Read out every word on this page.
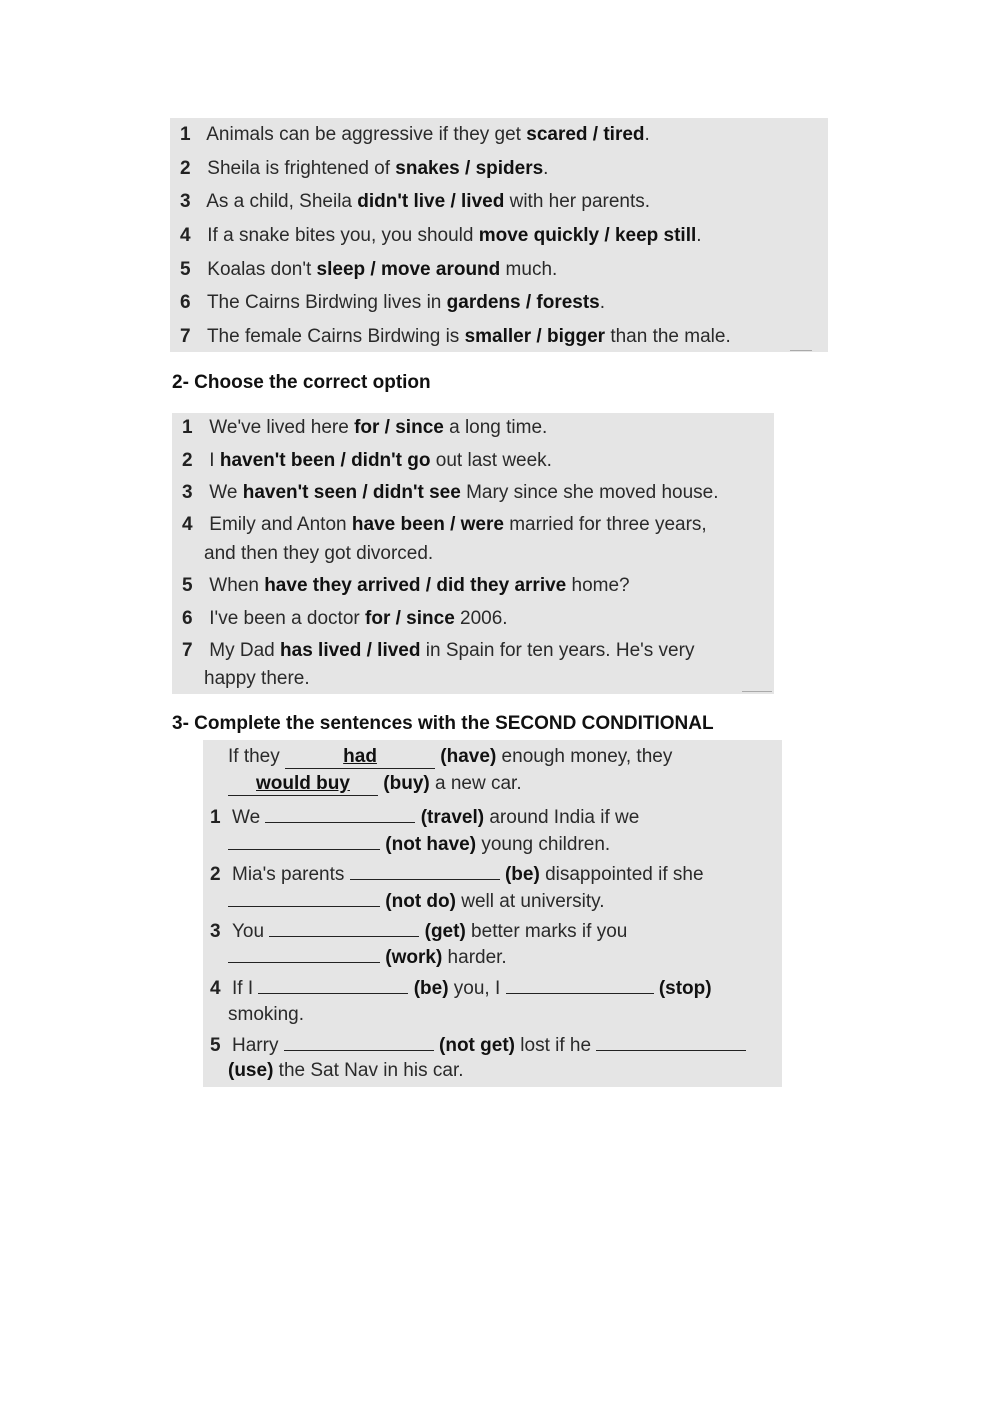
1 Animals can be aggressive if they get scared / tired.
2 Sheila is frightened of snakes / spiders.
3 As a child, Sheila didn't live / lived with her parents.
4 If a snake bites you, you should move quickly / keep still.
5 Koalas don't sleep / move around much.
6 The Cairns Birdwing lives in gardens / forests.
7 The female Cairns Birdwing is smaller / bigger than the male.
2- Choose the correct option
1 We've lived here for / since a long time.
2 I haven't been / didn't go out last week.
3 We haven't seen / didn't see Mary since she moved house.
4 Emily and Anton have been / were married for three years,
and then they got divorced.
5 When have they arrived / did they arrive home?
6 I've been a doctor for / since 2006.
7 My Dad has lived / lived in Spain for ten years. He's very
happy there.
3- Complete the sentences with the SECOND CONDITIONAL
If they	had	(have) enough money, they
would buy (buy) a new car.
1 We	(travel) around India if we
(not have) young children.
2 Mia's parents	(be) disappointed if she
(not do) well at university.
3 You	(get) better marks if you
(work) harder.
4 If I	(be) you, I	(stop)
smoking.
5 Harry	(not get) lost if he
(use) the Sat Nav in his car.
